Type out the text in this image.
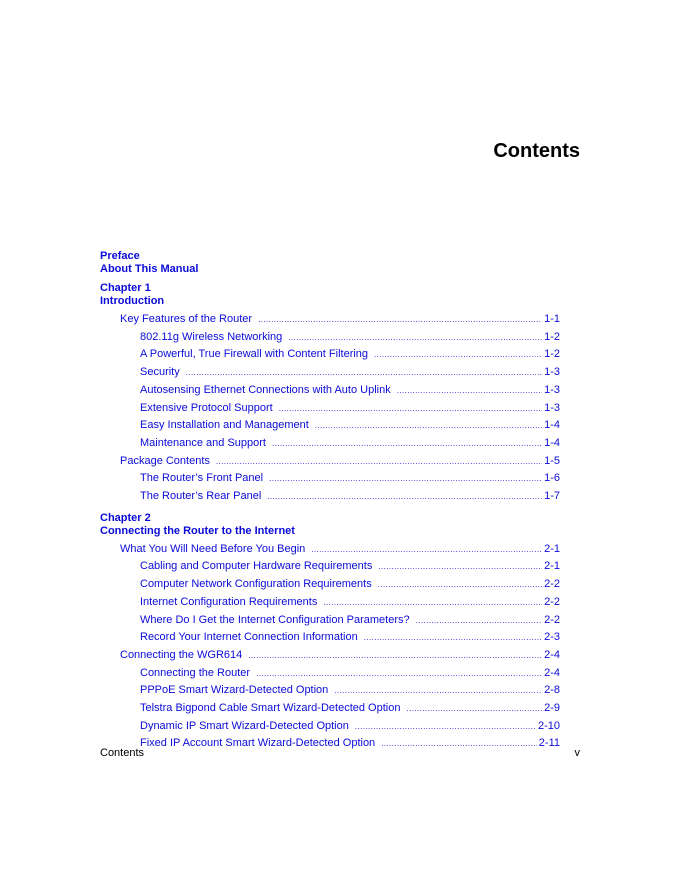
Contents
Preface
About This Manual
Chapter 1
Introduction
Key Features of the Router .....	1-1
802.11g Wireless Networking .....	1-2
A Powerful, True Firewall with Content Filtering .....	1-2
Security .....	1-3
Autosensing Ethernet Connections with Auto Uplink .....	1-3
Extensive Protocol Support .....	1-3
Easy Installation and Management .....	1-4
Maintenance and Support .....	1-4
Package Contents .....	1-5
The Router’s Front Panel .....	1-6
The Router’s Rear Panel .....	1-7
Chapter 2
Connecting the Router to the Internet
What You Will Need Before You Begin .....	2-1
Cabling and Computer Hardware Requirements .....	2-1
Computer Network Configuration Requirements .....	2-2
Internet Configuration Requirements .....	2-2
Where Do I Get the Internet Configuration Parameters? .....	2-2
Record Your Internet Connection Information .....	2-3
Connecting the WGR614 .....	2-4
Connecting the Router .....	2-4
PPPoE Smart Wizard-Detected Option .....	2-8
Telstra Bigpond Cable Smart Wizard-Detected Option .....	2-9
Dynamic IP Smart Wizard-Detected Option .....	2-10
Fixed IP Account Smart Wizard-Detected Option .....	2-11
Contents	v
